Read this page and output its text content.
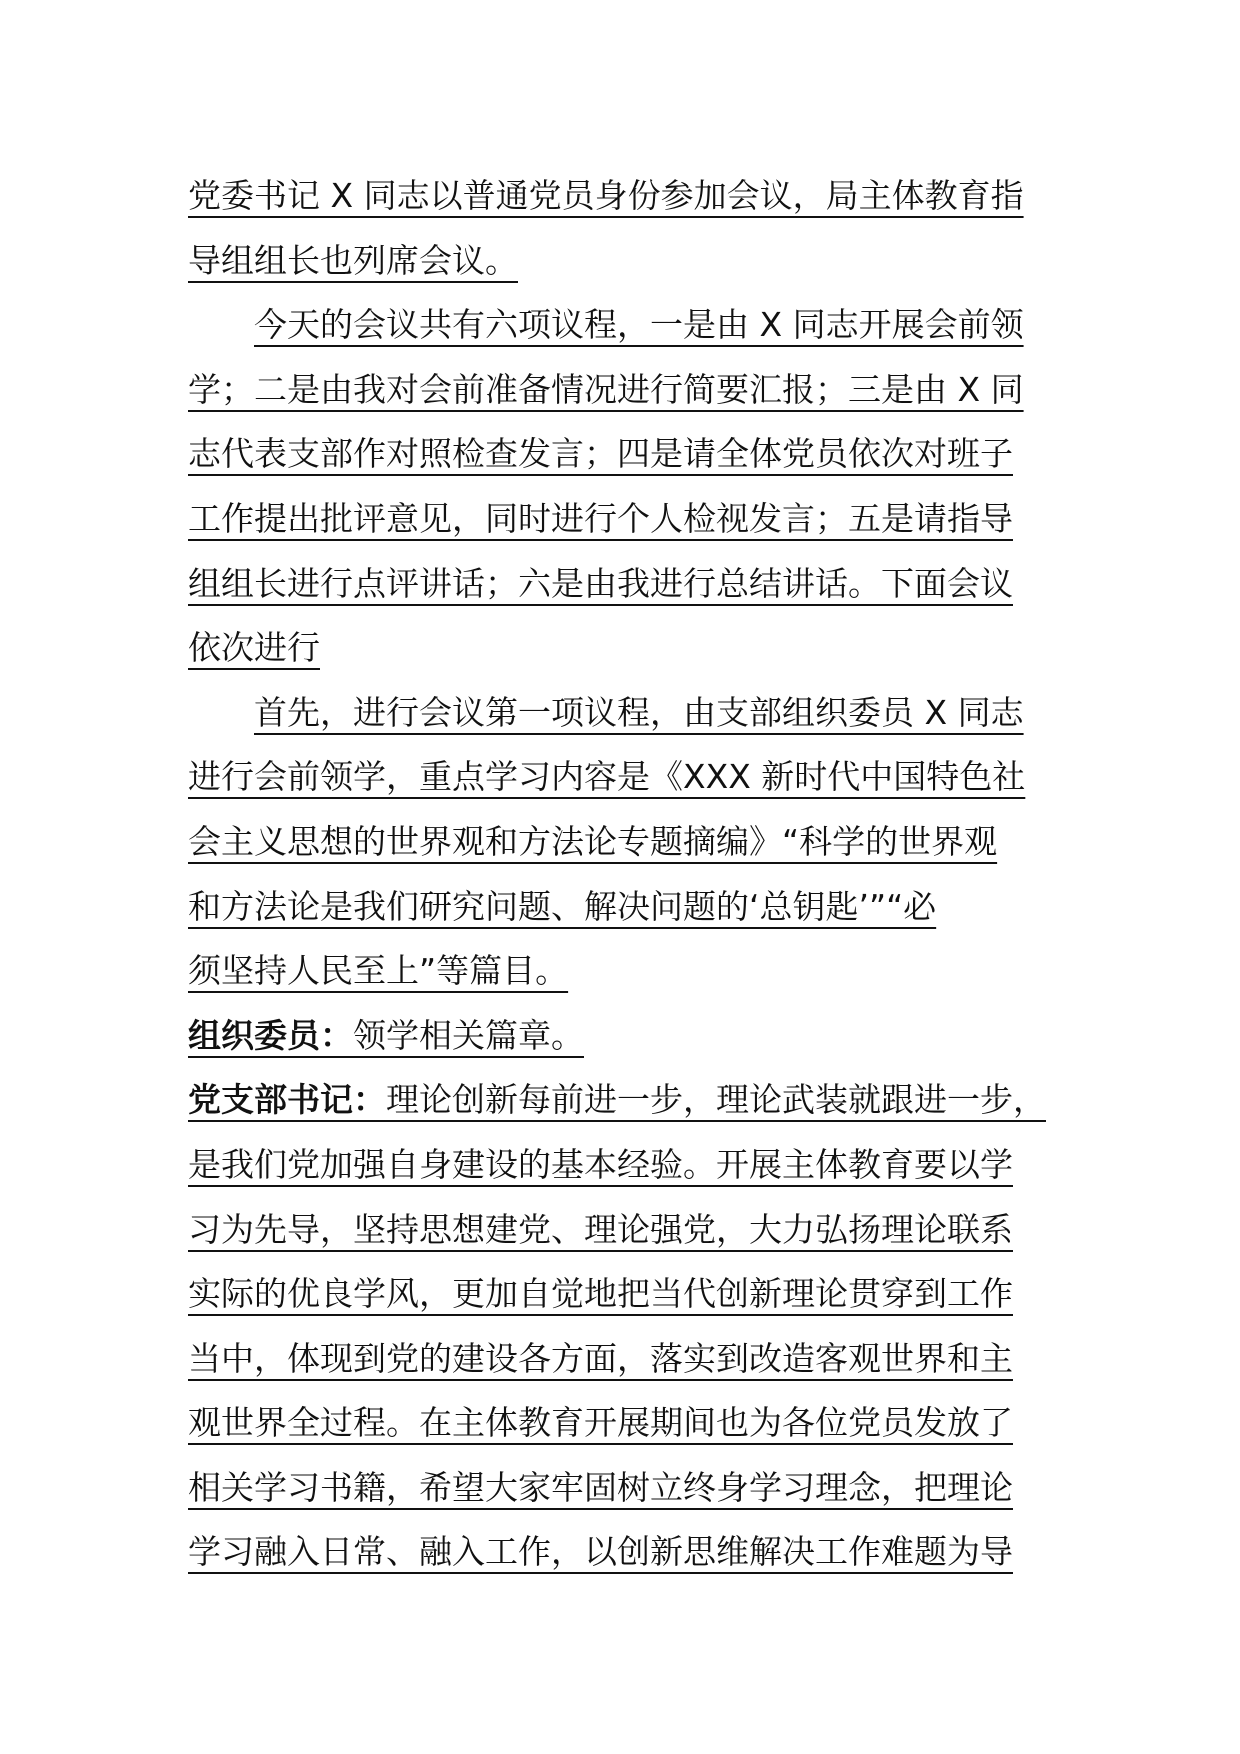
党委书记 X 同志以普通党员身份参加会议，局主体教育指
导组组长也列席会议。
今天的会议共有六项议程，一是由 X 同志开展会前领
学；二是由我对会前准备情况进行简要汇报；三是由 X 同
志代表支部作对照检查发言；四是请全体党员依次对班子
工作提出批评意见，同时进行个人检视发言；五是请指导
组组长进行点评讲话；六是由我进行总结讲话。下面会议
依次进行
首先，进行会议第一项议程，由支部组织委员 X 同志
进行会前领学，重点学习内容是《XXX 新时代中国特色社
会主义思想的世界观和方法论专题摘编》“科学的世界观
和方法论是我们研究问题、解决问题的‘总钥匙’”“必
须坚持人民至上”等篇目。
组织委员：领学相关篇章。
党支部书记：理论创新每前进一步，理论武装就跟进一步，
是我们党加强自身建设的基本经验。开展主体教育要以学
习为先导，坚持思想建党、理论强党，大力弘扬理论联系
实际的优良学风，更加自觉地把当代创新理论贯穿到工作
当中，体现到党的建设各方面，落实到改造客观世界和主
观世界全过程。在主体教育开展期间也为各位党员发放了
相关学习书籍，希望大家牢固树立终身学习理念，把理论
学习融入日常、融入工作，以创新思维解决工作难题为导
